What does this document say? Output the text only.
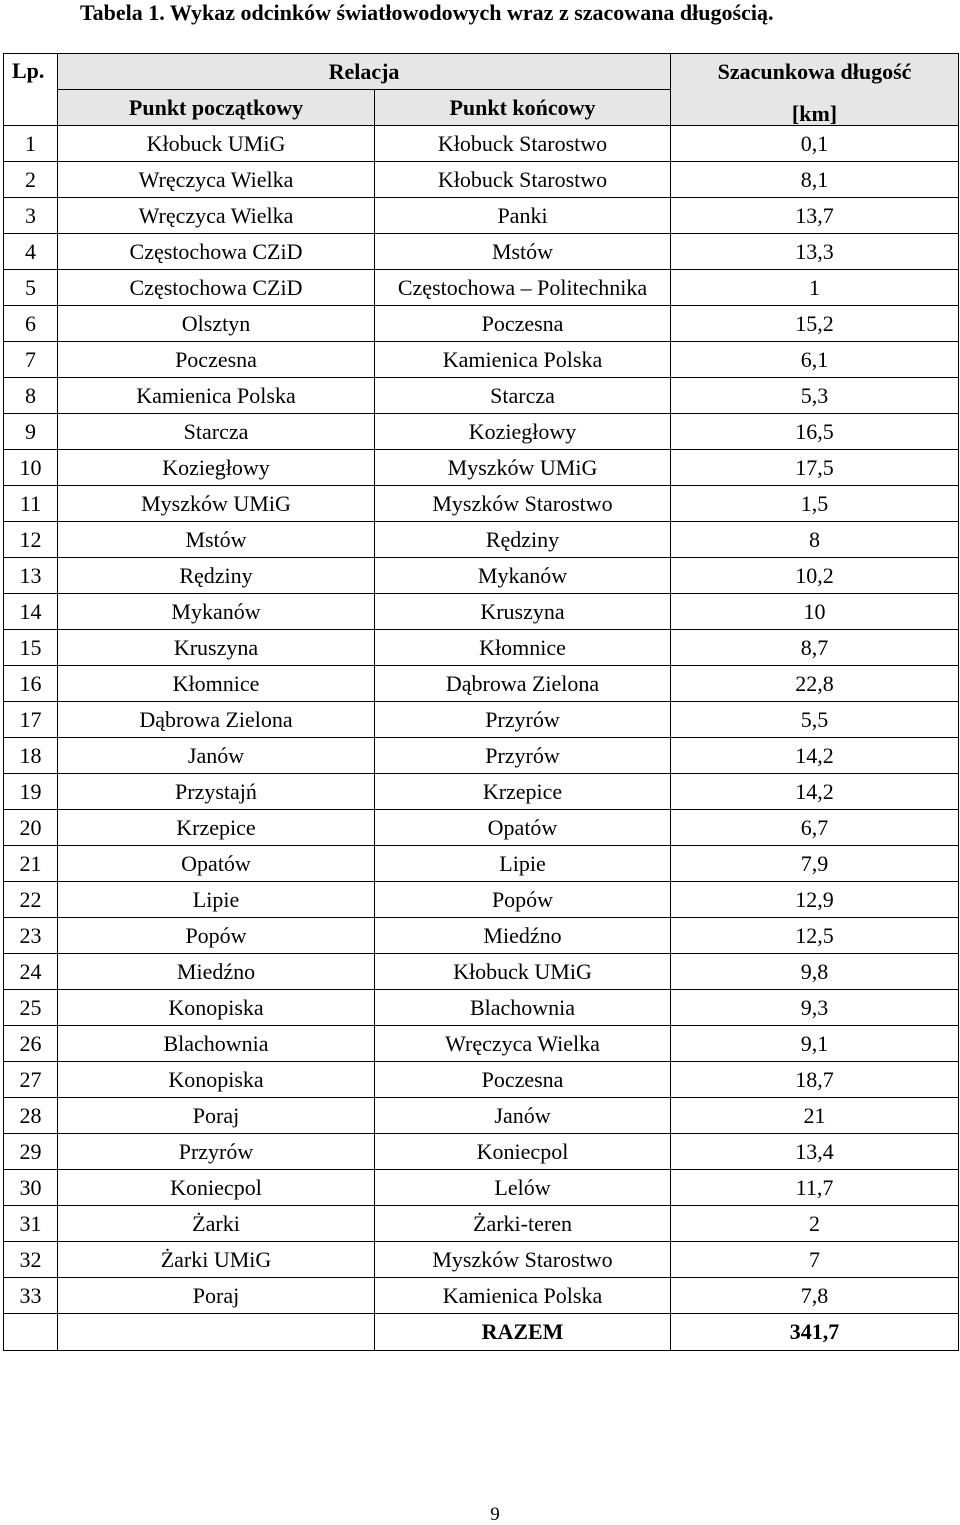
Tabela 1. Wykaz odcinków światłowodowych wraz z szacowana długością.
Lp.	Relacja		Szacunkowa długość
	Punkt początkowy	Punkt końcowy	[km]
1	Kłobuck UMiG	Kłobuck Starostwo	0,1
2	Wręczyca Wielka	Kłobuck Starostwo	8,1
3	Wręczyca Wielka	Panki	13,7
4	Częstochowa CZiD	Mstów	13,3
5	Częstochowa CZiD	Częstochowa – Politechnika	1
6	Olsztyn	Poczesna	15,2
7	Poczesna	Kamienica Polska	6,1
8	Kamienica Polska	Starcza	5,3
9	Starcza	Koziegłowy	16,5
10	Koziegłowy	Myszków UMiG	17,5
11	Myszków UMiG	Myszków Starostwo	1,5
12	Mstów	Rędziny	8
13	Rędziny	Mykanów	10,2
14	Mykanów	Kruszyna	10
15	Kruszyna	Kłomnice	8,7
16	Kłomnice	Dąbrowa Zielona	22,8
17	Dąbrowa Zielona	Przyrów	5,5
18	Janów	Przyrów	14,2
19	Przystajń	Krzepice	14,2
20	Krzepice	Opatów	6,7
21	Opatów	Lipie	7,9
22	Lipie	Popów	12,9
23	Popów	Miedźno	12,5
24	Miedźno	Kłobuck UMiG	9,8
25	Konopiska	Blachownia	9,3
26	Blachownia	Wręczyca Wielka	9,1
27	Konopiska	Poczesna	18,7
28	Poraj	Janów	21
29	Przyrów	Koniecpol	13,4
30	Koniecpol	Lelów	11,7
31	Żarki	Żarki-teren	2
32	Żarki UMiG	Myszków Starostwo	7
33	Poraj	Kamienica Polska	7,8
		RAZEM	341,7
9
